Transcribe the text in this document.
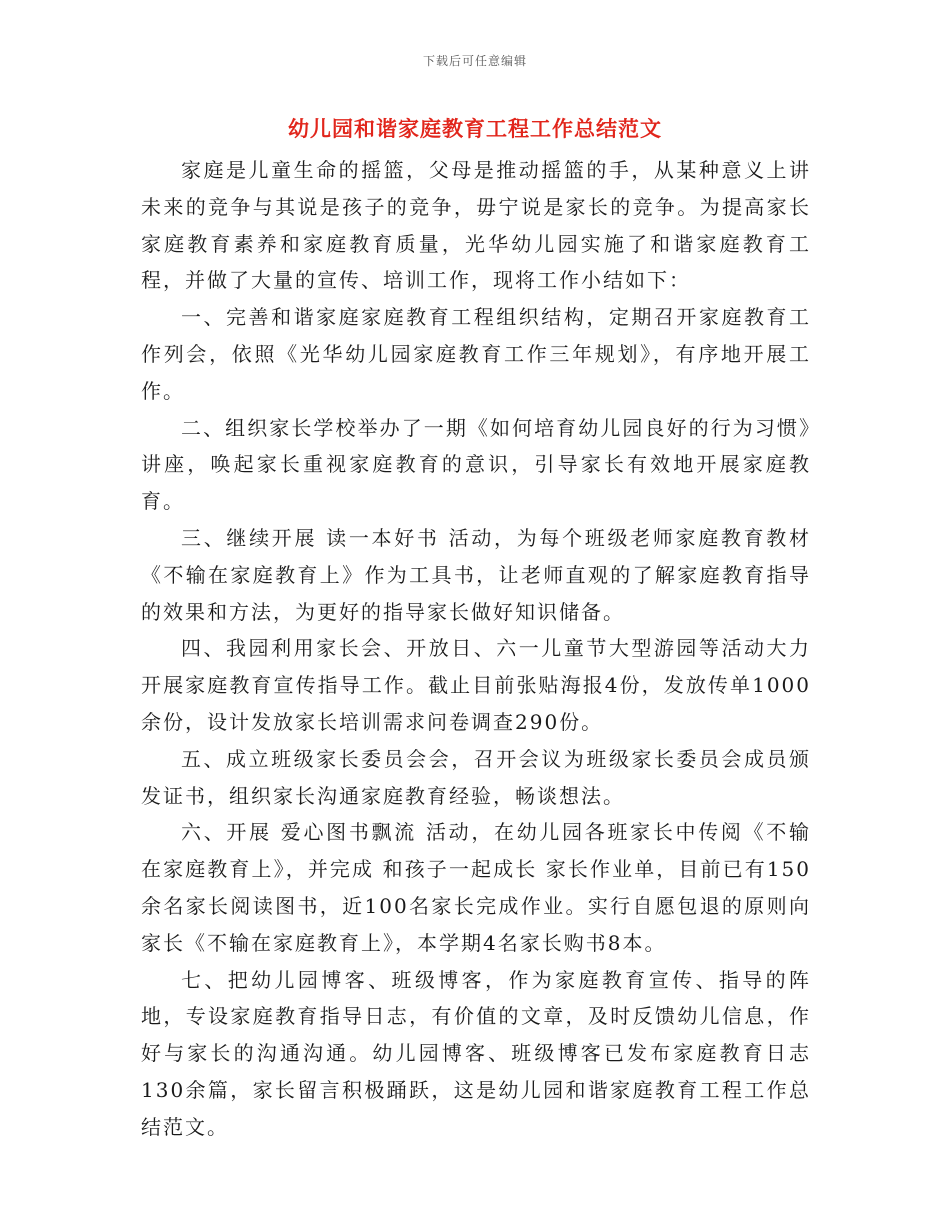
下载后可任意编辑
幼儿园和谐家庭教育工程工作总结范文

家庭是儿童生命的摇篮，父母是推动摇篮的手，从某种意义上讲未来的竞争与其说是孩子的竞争，毋宁说是家长的竞争。为提高家长家庭教育素养和家庭教育质量，光华幼儿园实施了和谐家庭教育工程，并做了大量的宣传、培训工作，现将工作小结如下：

一、完善和谐家庭家庭教育工程组织结构，定期召开家庭教育工作列会，依照《光华幼儿园家庭教育工作三年规划》，有序地开展工作。

二、组织家长学校举办了一期《如何培育幼儿园良好的行为习惯》讲座，唤起家长重视家庭教育的意识，引导家长有效地开展家庭教育。

三、继续开展 读一本好书 活动，为每个班级老师家庭教育教材《不输在家庭教育上》作为工具书，让老师直观的了解家庭教育指导的效果和方法，为更好的指导家长做好知识储备。

四、我园利用家长会、开放日、六一儿童节大型游园等活动大力开展家庭教育宣传指导工作。截止目前张贴海报4份，发放传单1000余份，设计发放家长培训需求问卷调查290份。

五、成立班级家长委员会会，召开会议为班级家长委员会成员颁发证书，组织家长沟通家庭教育经验，畅谈想法。

六、开展 爱心图书飘流 活动，在幼儿园各班家长中传阅《不输在家庭教育上》，并完成 和孩子一起成长 家长作业单，目前已有150余名家长阅读图书，近100名家长完成作业。实行自愿包退的原则向家长《不输在家庭教育上》，本学期4名家长购书8本。

七、把幼儿园博客、班级博客，作为家庭教育宣传、指导的阵地，专设家庭教育指导日志，有价值的文章，及时反馈幼儿信息，作好与家长的沟通沟通。幼儿园博客、班级博客已发布家庭教育日志130余篇，家长留言积极踊跃，这是幼儿园和谐家庭教育工程工作总结范文。
